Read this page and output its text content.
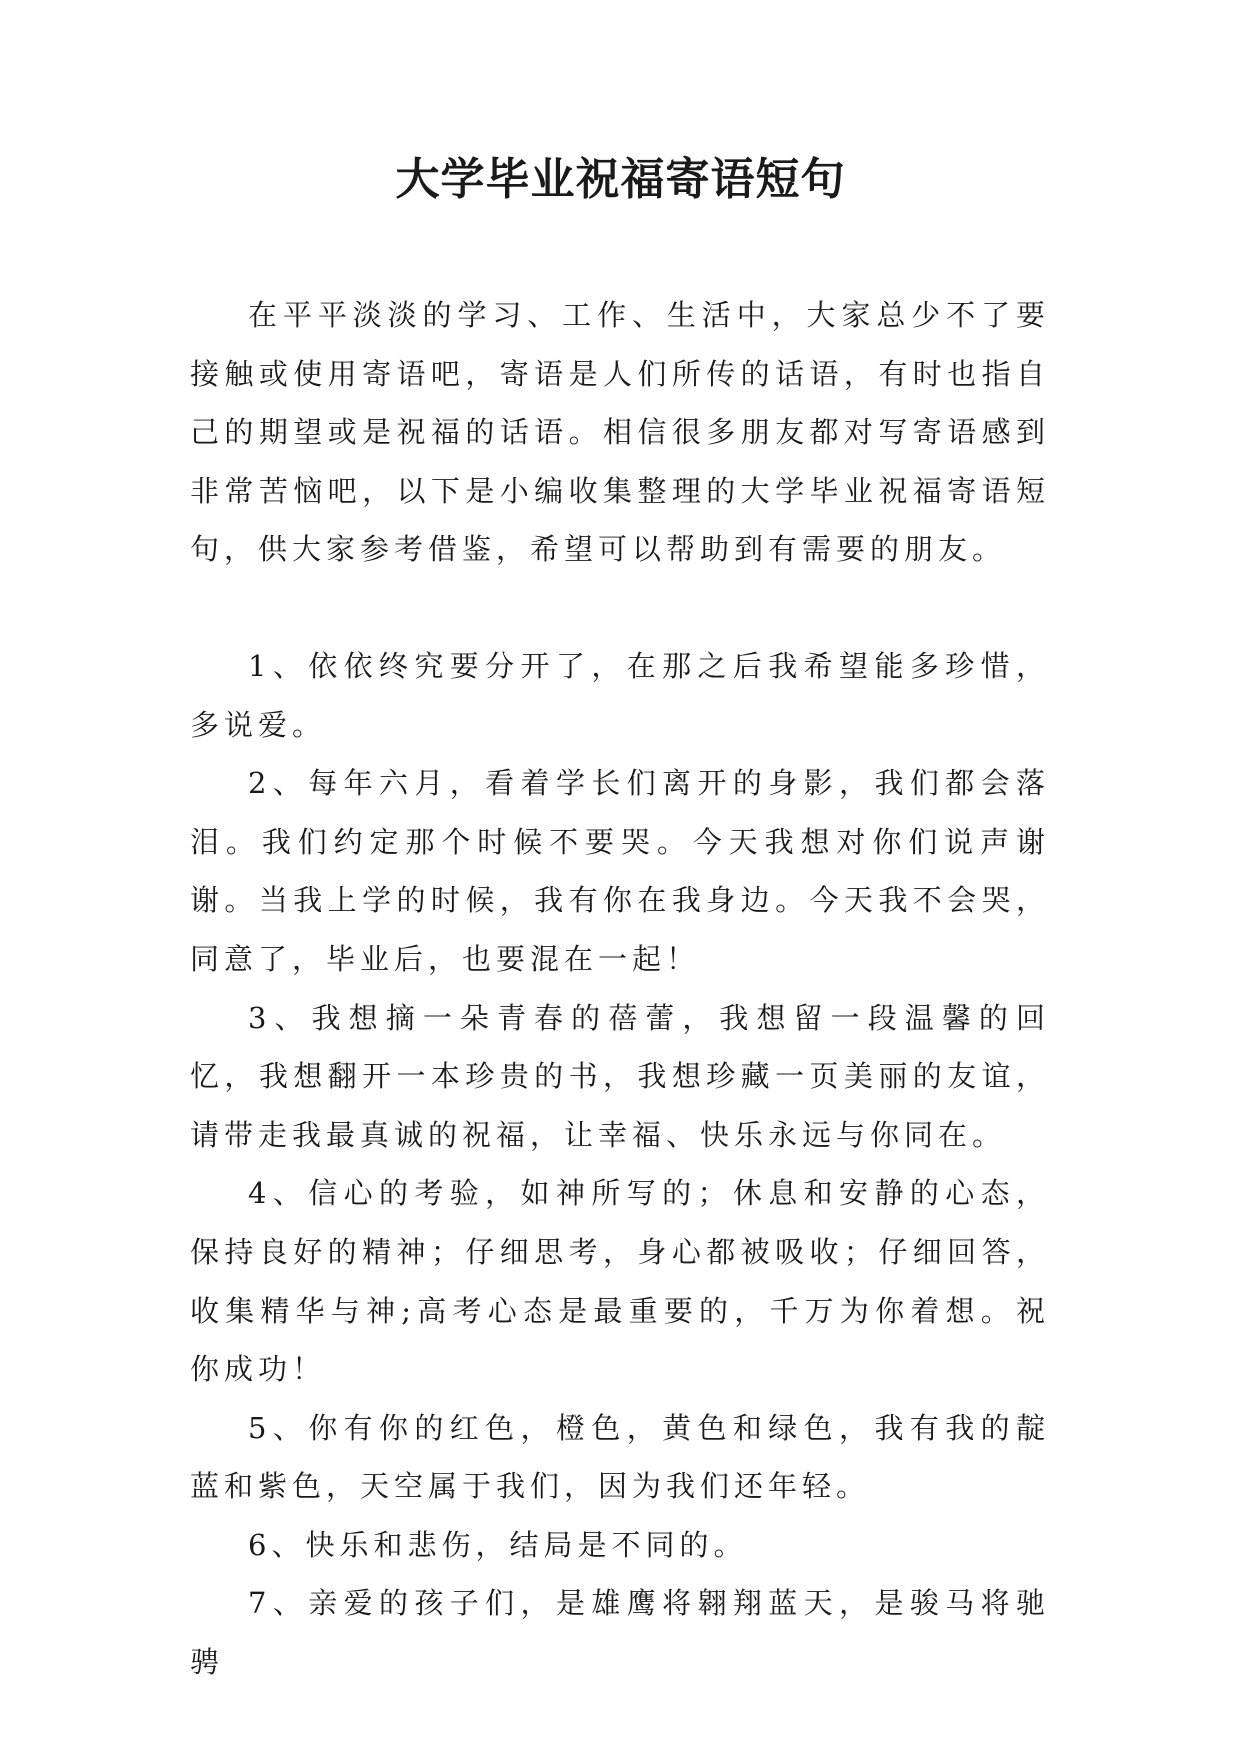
大学毕业祝福寄语短句

在平平淡淡的学习、工作、生活中，大家总少不了要接触或使用寄语吧，寄语是人们所传的话语，有时也指自己的期望或是祝福的话语。相信很多朋友都对写寄语感到非常苦恼吧，以下是小编收集整理的大学毕业祝福寄语短句，供大家参考借鉴，希望可以帮助到有需要的朋友。

1、依依终究要分开了，在那之后我希望能多珍惜，多说爱。

2、每年六月，看着学长们离开的身影，我们都会落泪。我们约定那个时候不要哭。今天我想对你们说声谢谢。当我上学的时候，我有你在我身边。今天我不会哭，同意了，毕业后，也要混在一起！

3、我想摘一朵青春的蓓蕾，我想留一段温馨的回忆，我想翻开一本珍贵的书，我想珍藏一页美丽的友谊，请带走我最真诚的祝福，让幸福、快乐永远与你同在。

4、信心的考验，如神所写的；休息和安静的心态，保持良好的精神；仔细思考，身心都被吸收；仔细回答，收集精华与神;高考心态是最重要的，千万为你着想。祝你成功！

5、你有你的红色，橙色，黄色和绿色，我有我的靛蓝和紫色，天空属于我们，因为我们还年轻。

6、快乐和悲伤，结局是不同的。

7、亲爱的孩子们，是雄鹰将翱翔蓝天，是骏马将驰骋
